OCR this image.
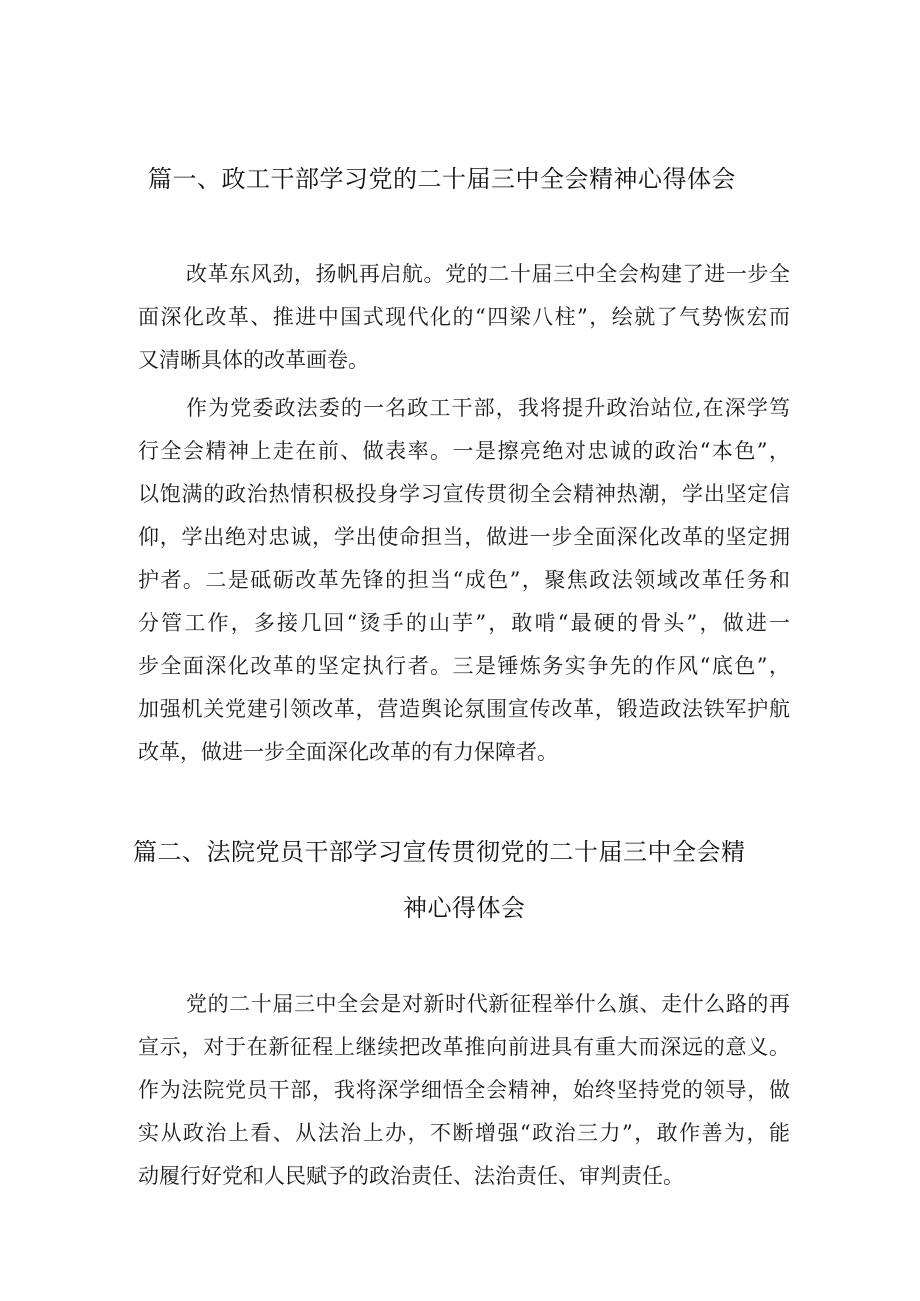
篇一、政工干部学习党的二十届三中全会精神心得体会

改革东风劲，扬帆再启航。党的二十届三中全会构建了进一步全

面深化改革、推进中国式现代化的“四梁八柱”，绘就了气势恢宏而

又清晰具体的改革画卷。

作为党委政法委的一名政工干部，我将提升政治站位,在深学笃

行全会精神上走在前、做表率。一是擦亮绝对忠诚的政治“本色”，

以饱满的政治热情积极投身学习宣传贯彻全会精神热潮，学出坚定信

仰，学出绝对忠诚，学出使命担当，做进一步全面深化改革的坚定拥

护者。二是砥砺改革先锋的担当“成色”，聚焦政法领域改革任务和

分管工作，多接几回“烫手的山芋”，敢啃“最硬的骨头”，做进一

步全面深化改革的坚定执行者。三是锤炼务实争先的作风“底色”，

加强机关党建引领改革，营造舆论氛围宣传改革，锻造政法铁军护航

改革，做进一步全面深化改革的有力保障者。

篇二、法院党员干部学习宣传贯彻党的二十届三中全会精
神心得体会

党的二十届三中全会是对新时代新征程举什么旗、走什么路的再

宣示，对于在新征程上继续把改革推向前进具有重大而深远的意义。

作为法院党员干部，我将深学细悟全会精神，始终坚持党的领导，做

实从政治上看、从法治上办，不断增强“政治三力”，敢作善为，能

动履行好党和人民赋予的政治责任、法治责任、审判责任。
